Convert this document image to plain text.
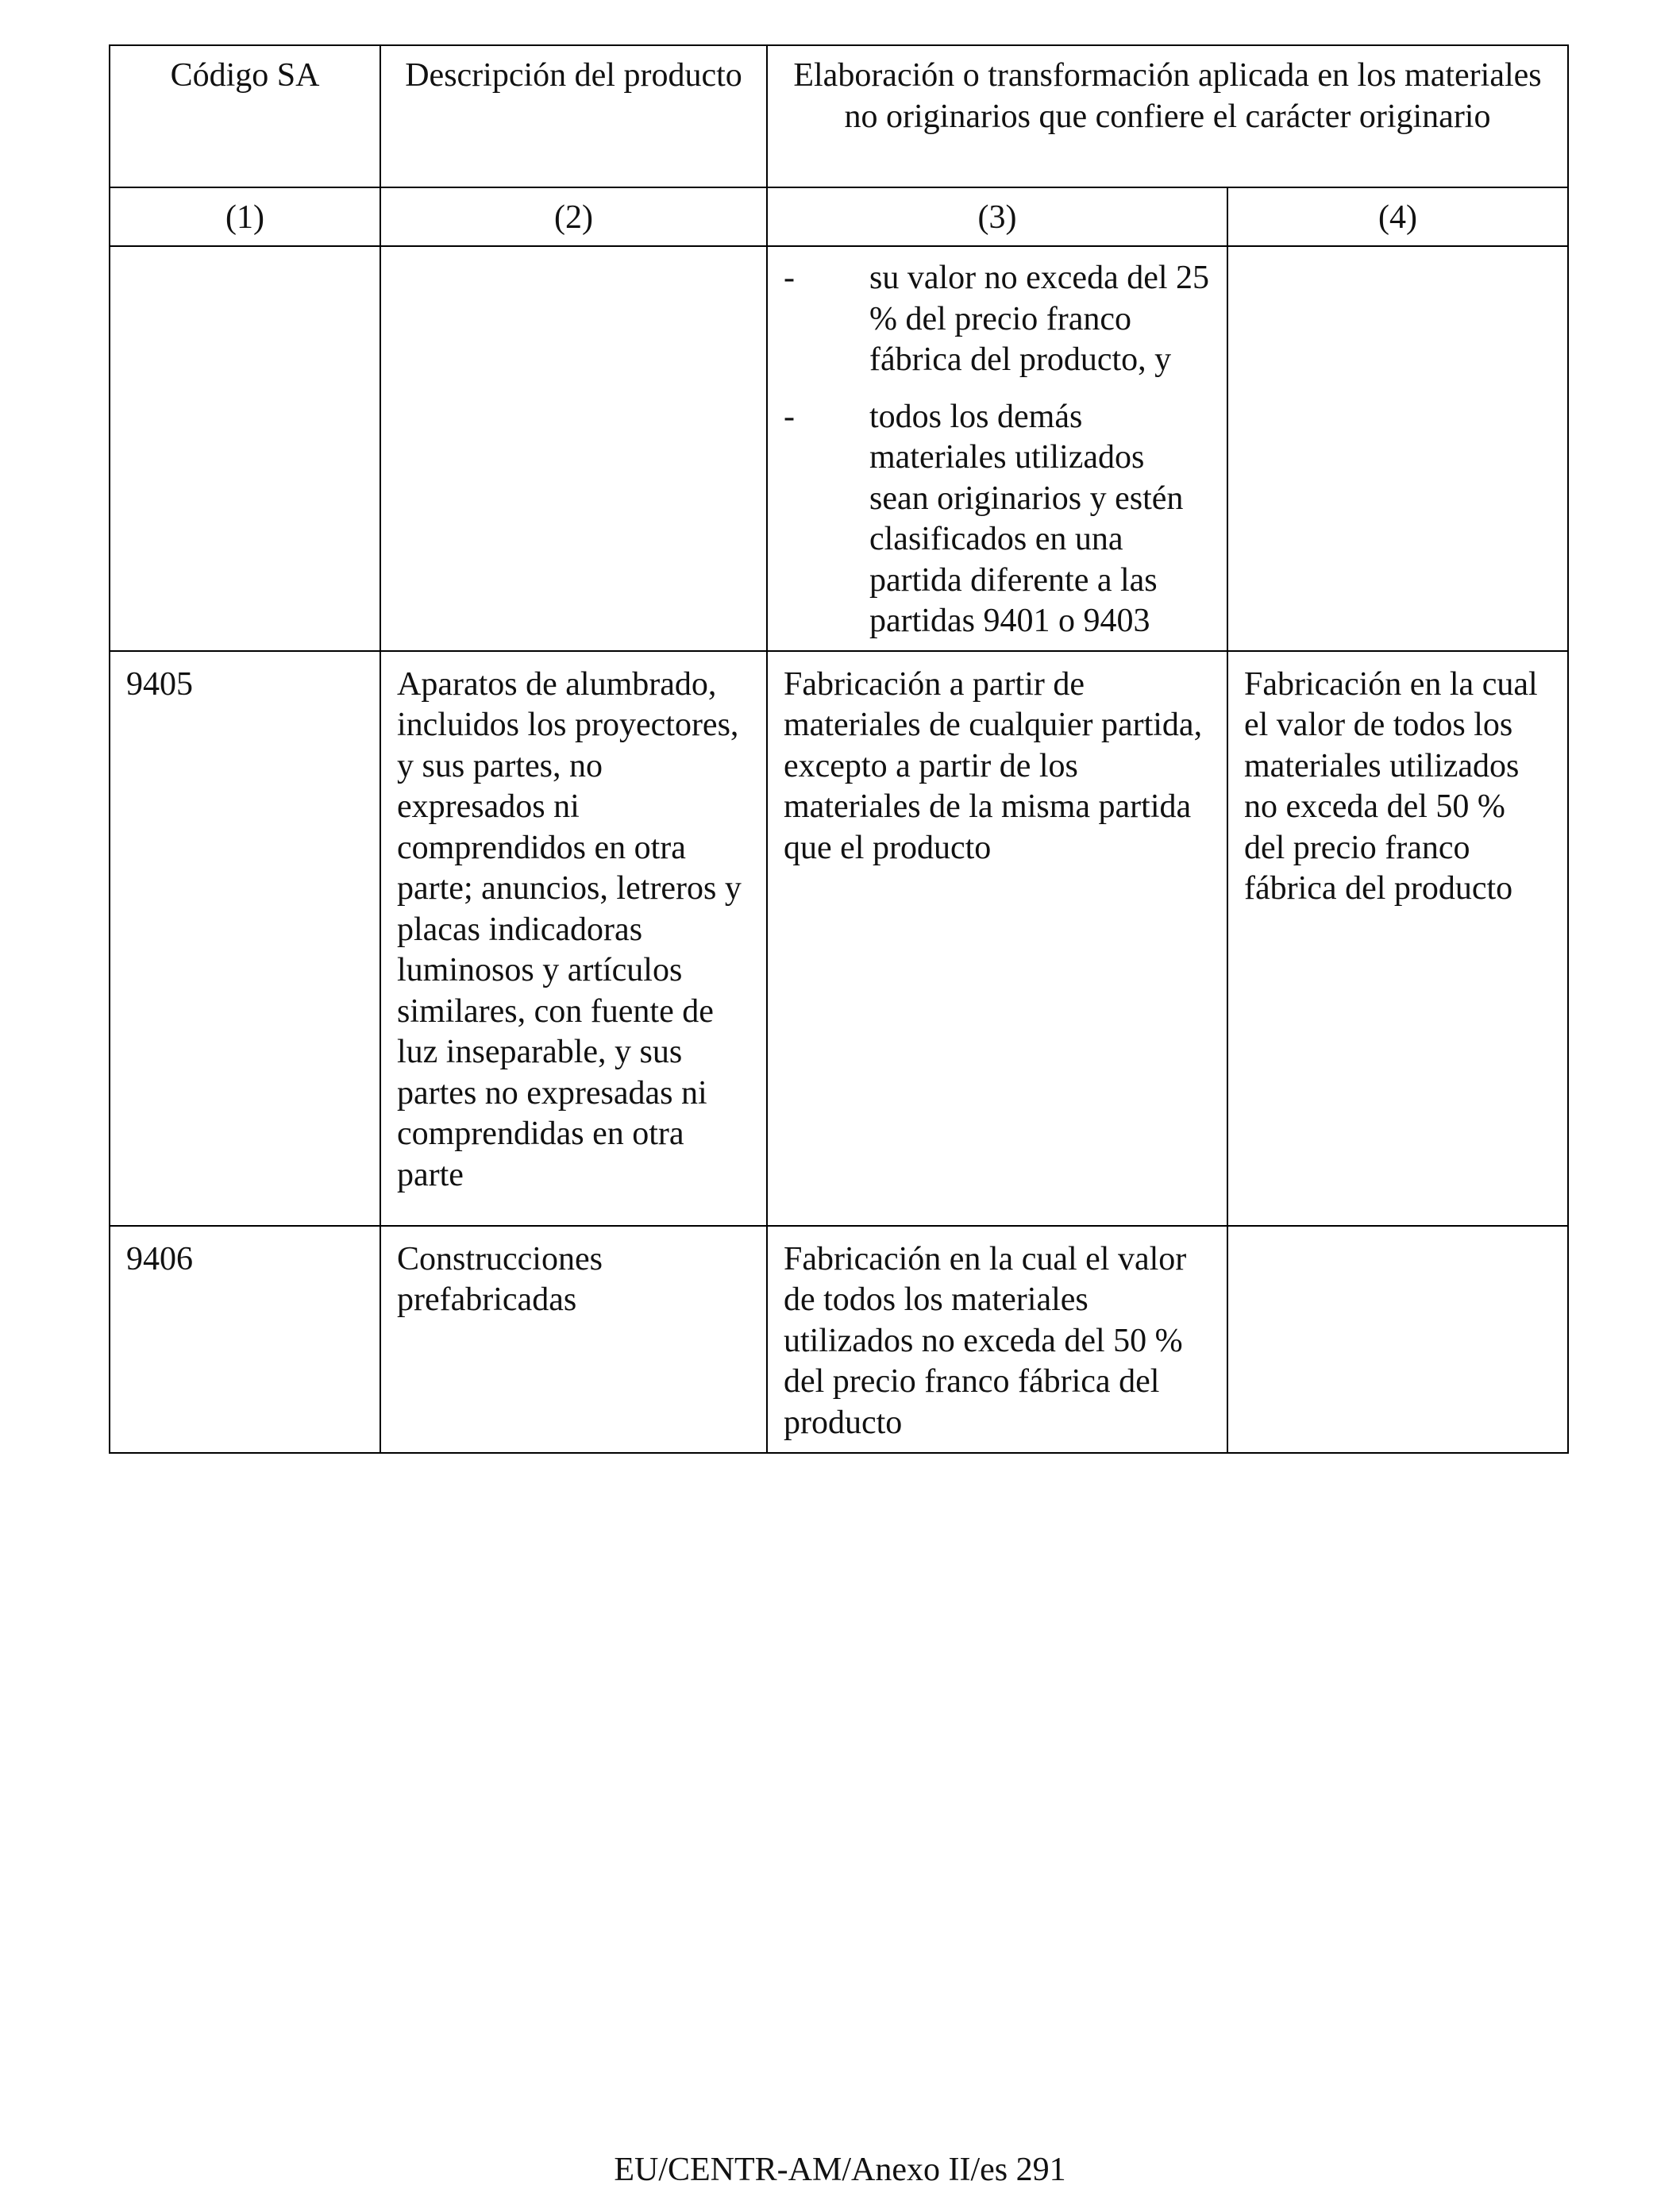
Código SA	Descripción del producto	Elaboración o transformación aplicada en los materiales no originarios que confiere el carácter originario	
(1)	(2)	(3)	(4)

		- su valor no exceda del 25 % del precio franco fábrica del producto, y
- todos los demás materiales utilizados sean originarios y estén clasificados en una partida diferente a las partidas 9401 o 9403	

9405	Aparatos de alumbrado, incluidos los proyectores, y sus partes, no expresados ni comprendidos en otra parte; anuncios, letreros y placas indicadoras luminosos y artículos similares, con fuente de luz inseparable, y sus partes no expresadas ni comprendidas en otra parte	Fabricación a partir de materiales de cualquier partida, excepto a partir de los materiales de la misma partida que el producto	Fabricación en la cual el valor de todos los materiales utilizados no exceda del 50 % del precio franco fábrica del producto
9406	Construcciones prefabricadas	Fabricación en la cual el valor de todos los materiales utilizados no exceda del 50 % del precio franco fábrica del producto	
EU/CENTR-AM/Anexo II/es 291
